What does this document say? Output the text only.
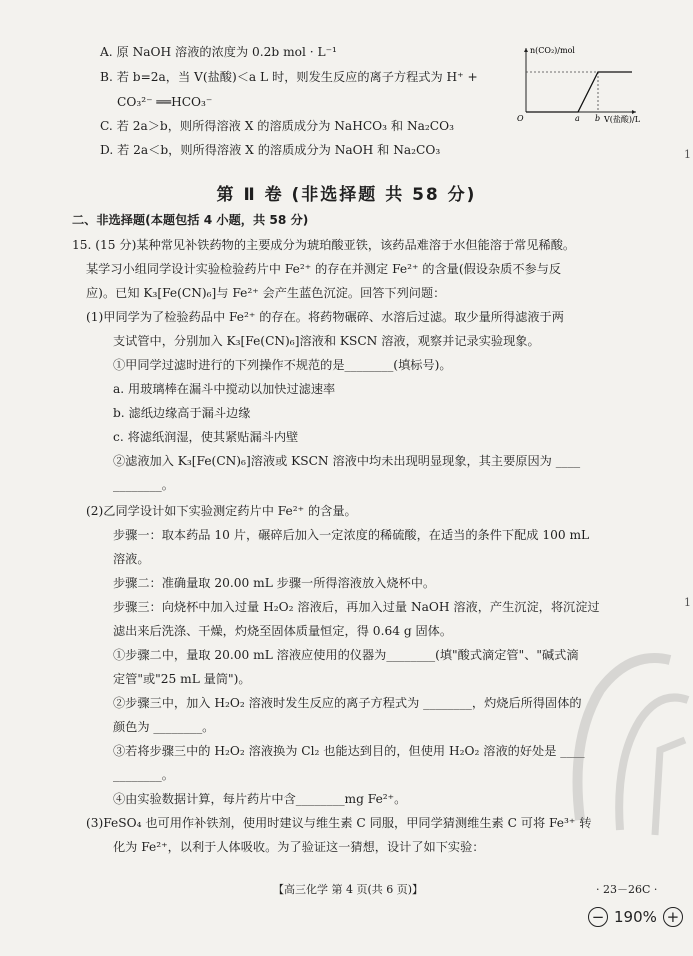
A. 原 NaOH 溶液的浓度为 0.2b mol · L⁻¹
B. 若 b=2a，当 V(盐酸)＜a L 时，则发生反应的离子方程式为 H⁺ +
CO₃²⁻ ══HCO₃⁻
C. 若 2a＞b，则所得溶液 X 的溶质成分为 NaHCO₃ 和 Na₂CO₃
D. 若 2a＜b，则所得溶液 X 的溶质成分为 NaOH 和 Na₂CO₃
n(CO₂)/mol
V(盐酸)/L
O	a b
1
第 Ⅱ 卷 (非选择题 共 58 分)
二、非选择题(本题包括 4 小题，共 58 分)
15. (15 分)某种常见补铁药物的主要成分为琥珀酸亚铁，该药品难溶于水但能溶于常见稀酸。
某学习小组同学设计实验检验药片中 Fe²⁺ 的存在并测定 Fe²⁺ 的含量(假设杂质不参与反
应)。已知 K₃[Fe(CN)₆]与 Fe²⁺ 会产生蓝色沉淀。回答下列问题：
(1)甲同学为了检验药品中 Fe²⁺ 的存在。将药物碾碎、水溶后过滤。取少量所得滤液于两
支试管中，分别加入 K₃[Fe(CN)₆]溶液和 KSCN 溶液，观察并记录实验现象。
①甲同学过滤时进行的下列操作不规范的是________(填标号)。
a. 用玻璃棒在漏斗中搅动以加快过滤速率
b. 滤纸边缘高于漏斗边缘
c. 将滤纸润湿，使其紧贴漏斗内壁
②滤液加入 K₃[Fe(CN)₆]溶液或 KSCN 溶液中均未出现明显现象，其主要原因为 ____
________。
(2)乙同学设计如下实验测定药片中 Fe²⁺ 的含量。
步骤一：取本药品 10 片，碾碎后加入一定浓度的稀硫酸，在适当的条件下配成 100 mL
溶液。
步骤二：准确量取 20.00 mL 步骤一所得溶液放入烧杯中。
步骤三：向烧杯中加入过量 H₂O₂ 溶液后，再加入过量 NaOH 溶液，产生沉淀，将沉淀过
滤出来后洗涤、干燥，灼烧至固体质量恒定，得 0.64 g 固体。
①步骤二中，量取 20.00 mL 溶液应使用的仪器为________(填"酸式滴定管"、"碱式滴
定管"或"25 mL 量筒")。
②步骤三中，加入 H₂O₂ 溶液时发生反应的离子方程式为 ________，灼烧后所得固体的
颜色为 ________。
③若将步骤三中的 H₂O₂ 溶液换为 Cl₂ 也能达到目的，但使用 H₂O₂ 溶液的好处是 ____
________。
④由实验数据计算，每片药片中含________mg Fe²⁺。
(3)FeSO₄ 也可用作补铁剂，使用时建议与维生素 C 同服，甲同学猜测维生素 C 可将 Fe³⁺ 转
化为 Fe²⁺，以利于人体吸收。为了验证这一猜想，设计了如下实验：
1
【高三化学 第 4 页(共 6 页)】	· 23－26C ·
− 190% +
